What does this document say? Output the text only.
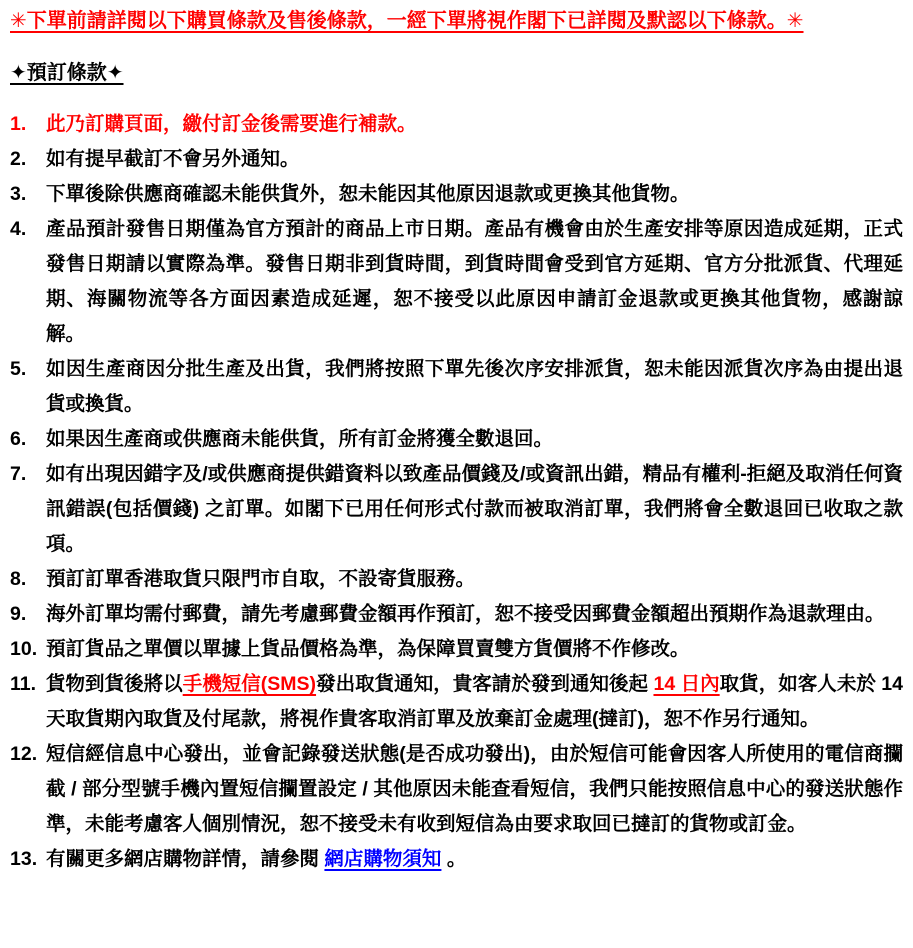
✳下單前請詳閱以下購買條款及售後條款，一經下單將視作閣下已詳閱及默認以下條款。✳

✦預訂條款✦
1.	此乃訂購頁面，繳付訂金後需要進行補款。
2.	如有提早截訂不會另外通知。
3.	下單後除供應商確認未能供貨外，恕未能因其他原因退款或更換其他貨物。
4.	產品預計發售日期僅為官方預計的商品上市日期。產品有機會由於生產安排等原因造成延期，正式發售日期請以實際為準。發售日期非到貨時間，到貨時間會受到官方延期、官方分批派貨、代理延期、海關物流等各方面因素造成延遲，恕不接受以此原因申請訂金退款或更換其他貨物，感謝諒解。
5.	如因生產商因分批生產及出貨，我們將按照下單先後次序安排派貨，恕未能因派貨次序為由提出退貨或換貨。
6.	如果因生產商或供應商未能供貨，所有訂金將獲全數退回。
7.	如有出現因錯字及/或供應商提供錯資料以致產品價錢及/或資訊出錯，精品有權利-拒絕及取消任何資訊錯誤(包括價錢) 之訂單。如閣下已用任何形式付款而被取消訂單，我們將會全數退回已收取之款項。
8.	預訂訂單香港取貨只限門市自取，不設寄貨服務。
9.	海外訂單均需付郵費，請先考慮郵費金額再作預訂，恕不接受因郵費金額超出預期作為退款理由。
10. 預訂貨品之單價以單據上貨品價格為準，為保障買賣雙方貨價將不作修改。
11. 貨物到貨後將以手機短信(SMS)發出取貨通知，貴客請於發到通知後起 14 日內取貨，如客人未於 14 天取貨期內取貨及付尾款，將視作貴客取消訂單及放棄訂金處理(撻訂)，恕不作另行通知。
12. 短信經信息中心發出，並會記錄發送狀態(是否成功發出)，由於短信可能會因客人所使用的電信商攔截 / 部分型號手機內置短信攔置設定 / 其他原因未能查看短信，我們只能按照信息中心的發送狀態作準，未能考慮客人個別情況，恕不接受未有收到短信為由要求取回已撻訂的貨物或訂金。
13. 有關更多網店購物詳情，請參閱 網店購物須知 。
